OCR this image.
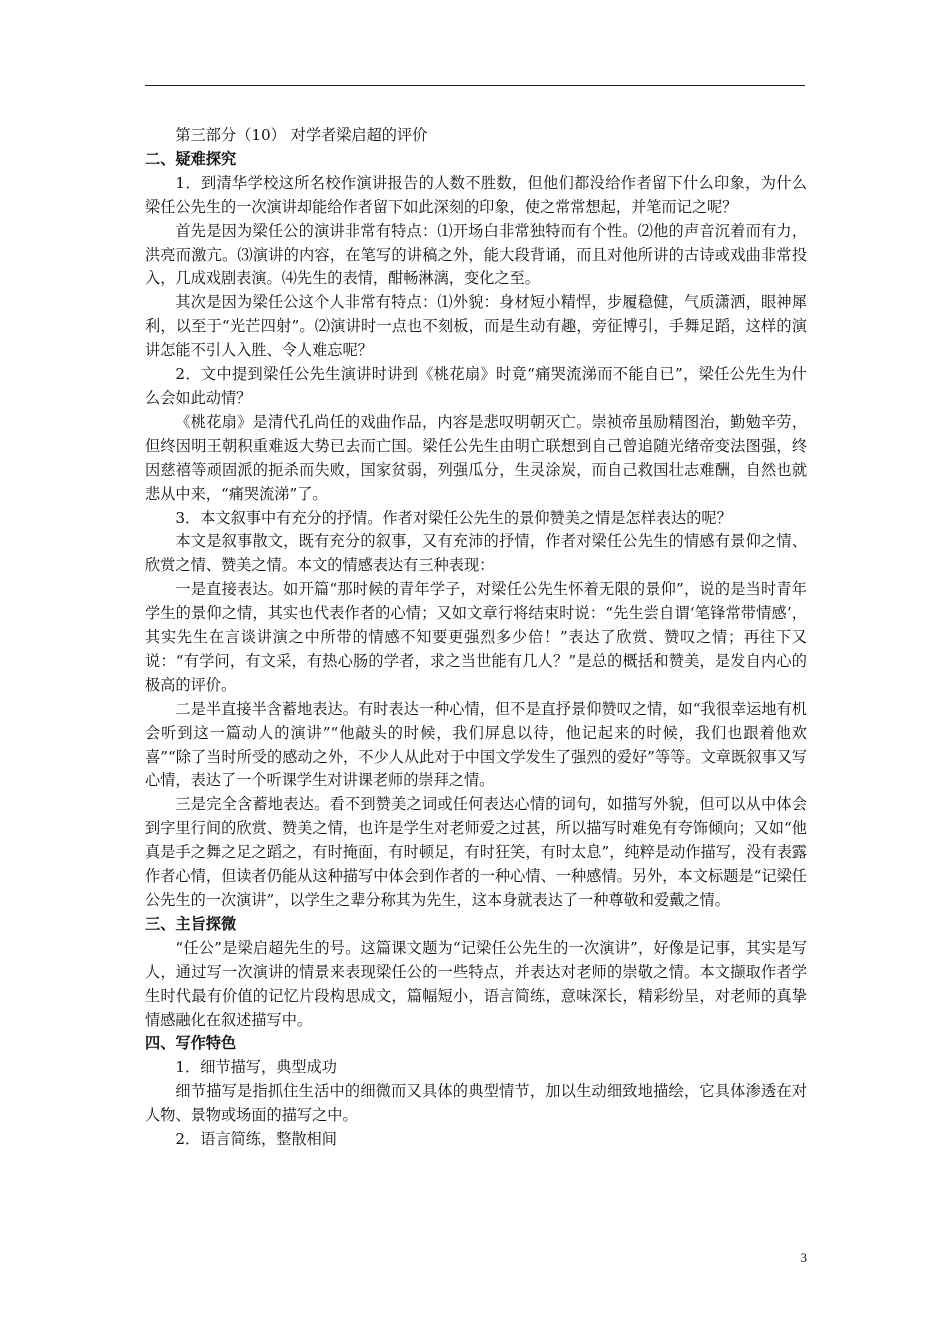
第三部分（10） 对学者梁启超的评价

二、疑难探究

1．到清华学校这所名校作演讲报告的人数不胜数，但他们都没给作者留下什么印象，为什么梁任公先生的一次演讲却能给作者留下如此深刻的印象，使之常常想起，并笔而记之呢？

首先是因为梁任公的演讲非常有特点：⑴开场白非常独特而有个性。⑵他的声音沉着而有力，洪亮而激亢。⑶演讲的内容，在笔写的讲稿之外，能大段背诵，而且对他所讲的古诗或戏曲非常投入，几成戏剧表演。⑷先生的表情，酣畅淋漓，变化之至。

其次是因为梁任公这个人非常有特点：⑴外貌：身材短小精悍，步履稳健，气质潇洒，眼神犀利，以至于“光芒四射”。⑵演讲时一点也不刻板，而是生动有趣，旁征博引，手舞足蹈，这样的演讲怎能不引人入胜、令人难忘呢？

2．文中提到梁任公先生演讲时讲到《桃花扇》时竟“痛哭流涕而不能自已”，梁任公先生为什么会如此动情？

《桃花扇》是清代孔尚任的戏曲作品，内容是悲叹明朝灭亡。崇祯帝虽励精图治，勤勉辛劳，但终因明王朝积重难返大势已去而亡国。梁任公先生由明亡联想到自己曾追随光绪帝变法图强，终因慈禧等顽固派的扼杀而失败，国家贫弱，列强瓜分，生灵涂炭，而自己救国壮志难酬，自然也就悲从中来，“痛哭流涕”了。

3．本文叙事中有充分的抒情。作者对梁任公先生的景仰赞美之情是怎样表达的呢？

本文是叙事散文，既有充分的叙事，又有充沛的抒情，作者对梁任公先生的情感有景仰之情、欣赏之情、赞美之情。本文的情感表达有三种表现：

一是直接表达。如开篇“那时候的青年学子，对梁任公先生怀着无限的景仰”，说的是当时青年学生的景仰之情，其实也代表作者的心情；又如文章行将结束时说：“先生尝自谓‘笔锋常带情感’，其实先生在言谈讲演之中所带的情感不知要更强烈多少倍！”表达了欣赏、赞叹之情；再往下又说：“有学问，有文采，有热心肠的学者，求之当世能有几人？”是总的概括和赞美，是发自内心的极高的评价。

二是半直接半含蓄地表达。有时表达一种心情，但不是直抒景仰赞叹之情，如“我很幸运地有机会听到这一篇动人的演讲”“他敲头的时候，我们屏息以待，他记起来的时候，我们也跟着他欢喜”“除了当时所受的感动之外，不少人从此对于中国文学发生了强烈的爱好”等等。文章既叙事又写心情，表达了一个听课学生对讲课老师的崇拜之情。

三是完全含蓄地表达。看不到赞美之词或任何表达心情的词句，如描写外貌，但可以从中体会到字里行间的欣赏、赞美之情，也许是学生对老师爱之过甚，所以描写时难免有夸饰倾向；又如“他真是手之舞之足之蹈之，有时掩面，有时顿足，有时狂笑，有时太息”，纯粹是动作描写，没有表露作者心情，但读者仍能从这种描写中体会到作者的一种心情、一种感情。另外，本文标题是“记梁任公先生的一次演讲”，以学生之辈分称其为先生，这本身就表达了一种尊敬和爱戴之情。

三、主旨探微

“任公”是梁启超先生的号。这篇课文题为“记梁任公先生的一次演讲”，好像是记事，其实是写人，通过写一次演讲的情景来表现梁任公的一些特点，并表达对老师的崇敬之情。本文撷取作者学生时代最有价值的记忆片段构思成文，篇幅短小，语言简练，意味深长，精彩纷呈，对老师的真挚情感融化在叙述描写中。

四、写作特色

1．细节描写，典型成功

细节描写是指抓住生活中的细微而又具体的典型情节，加以生动细致地描绘，它具体渗透在对人物、景物或场面的描写之中。

2．语言简练，整散相间

3
